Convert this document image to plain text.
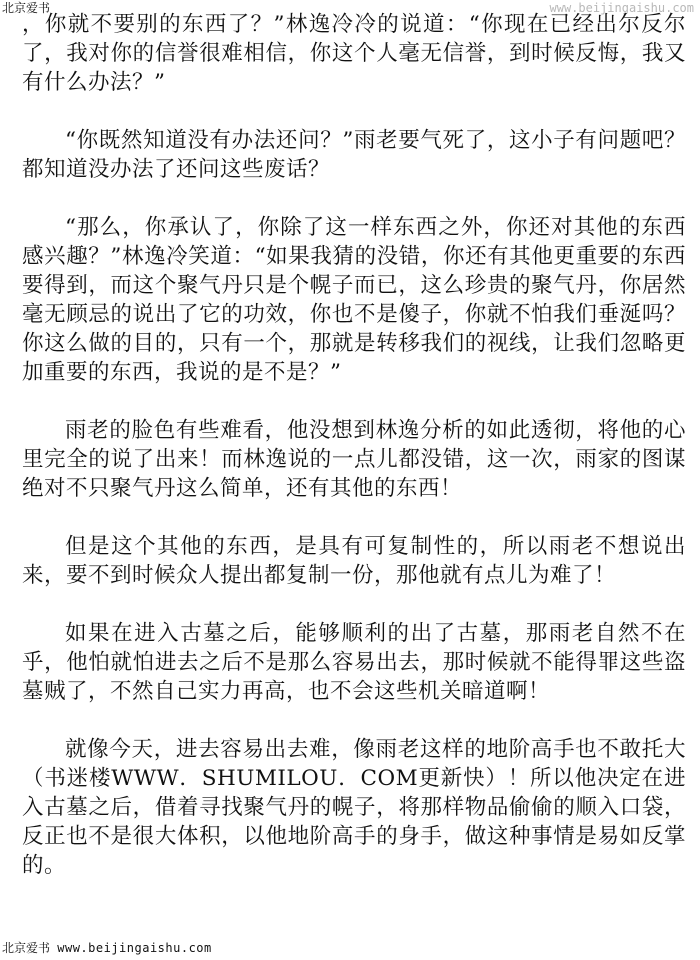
北京爱书	www.beijingaishu.com

，你就不要别的东西了？”林逸冷冷的说道：“你现在已经出尔反尔了，我对你的信誉很难相信，你这个人毫无信誉，到时候反悔，我又有什么办法？”

“你既然知道没有办法还问？”雨老要气死了，这小子有问题吧？都知道没办法了还问这些废话？

“那么，你承认了，你除了这一样东西之外，你还对其他的东西感兴趣？”林逸冷笑道：“如果我猜的没错，你还有其他更重要的东西要得到，而这个聚气丹只是个幌子而已，这么珍贵的聚气丹，你居然毫无顾忌的说出了它的功效，你也不是傻子，你就不怕我们垂涎吗？你这么做的目的，只有一个，那就是转移我们的视线，让我们忽略更加重要的东西，我说的是不是？”

雨老的脸色有些难看，他没想到林逸分析的如此透彻，将他的心里完全的说了出来！而林逸说的一点儿都没错，这一次，雨家的图谋绝对不只聚气丹这么简单，还有其他的东西！

但是这个其他的东西，是具有可复制性的，所以雨老不想说出来，要不到时候众人提出都复制一份，那他就有点儿为难了！

如果在进入古墓之后，能够顺利的出了古墓，那雨老自然不在乎，他怕就怕进去之后不是那么容易出去，那时候就不能得罪这些盗墓贼了，不然自己实力再高，也不会这些机关暗道啊！

就像今天，进去容易出去难，像雨老这样的地阶高手也不敢托大（书迷楼WWW．SHUMILOU．COM更新快）！所以他决定在进入古墓之后，借着寻找聚气丹的幌子，将那样物品偷偷的顺入口袋，反正也不是很大体积，以他地阶高手的身手，做这种事情是易如反掌的。

北京爱书 www.beijingaishu.com
